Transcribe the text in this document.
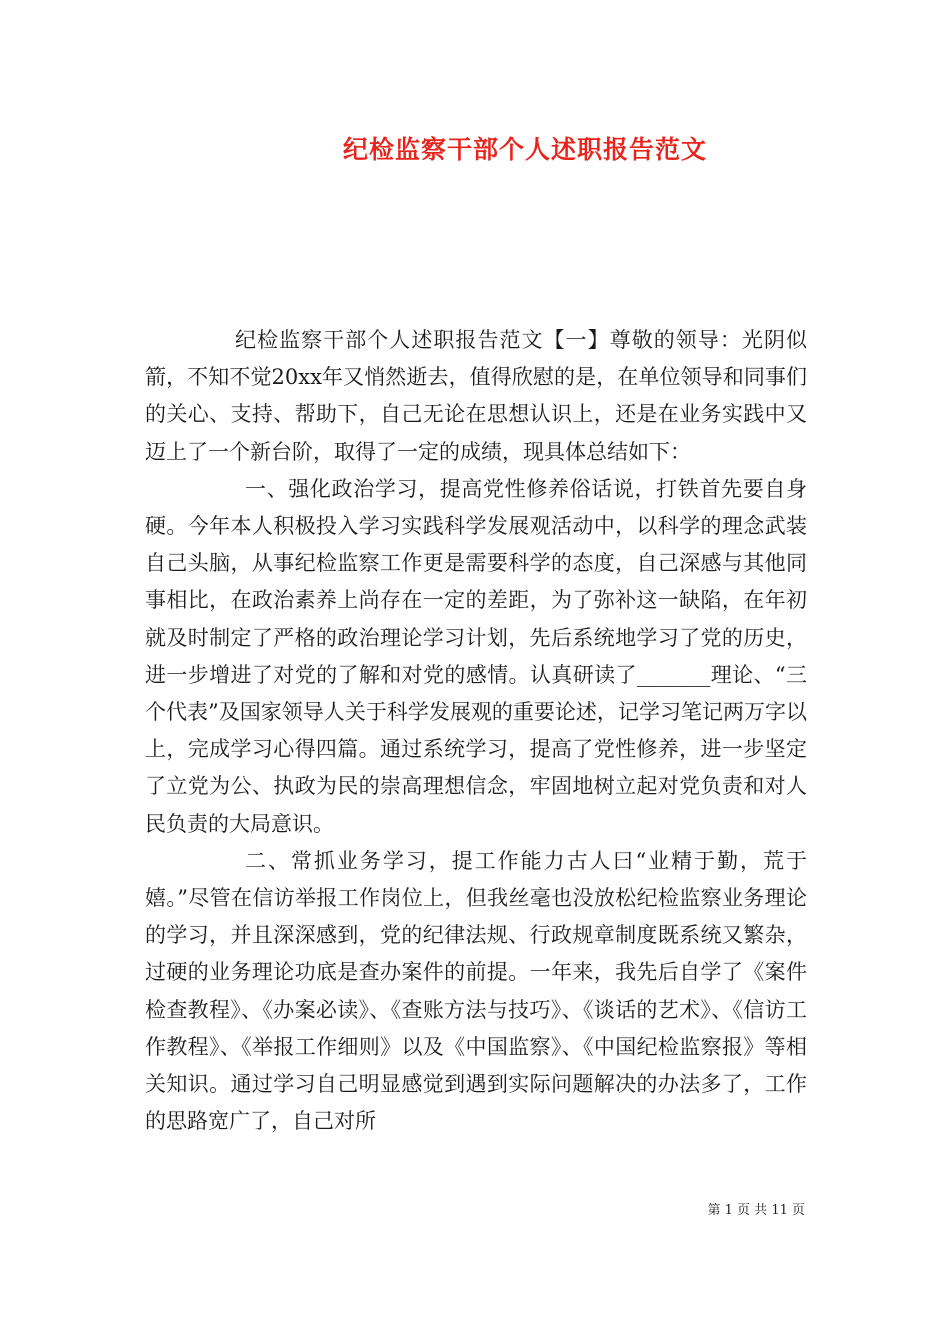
纪检监察干部个人述职报告范文

纪检监察干部个人述职报告范文【一】尊敬的领导：光阴似箭，不知不觉20xx年又悄然逝去，值得欣慰的是，在单位领导和同事们的关心、支持、帮助下，自己无论在思想认识上，还是在业务实践中又迈上了一个新台阶，取得了一定的成绩，现具体总结如下：

一、强化政治学习，提高党性修养俗话说，打铁首先要自身硬。今年本人积极投入学习实践科学发展观活动中，以科学的理念武装自己头脑，从事纪检监察工作更是需要科学的态度，自己深感与其他同事相比，在政治素养上尚存在一定的差距，为了弥补这一缺陷，在年初就及时制定了严格的政治理论学习计划，先后系统地学习了党的历史，进一步增进了对党的了解和对党的感情。认真研读了_______理论、“三个代表”及国家领导人关于科学发展观的重要论述，记学习笔记两万字以上，完成学习心得四篇。通过系统学习，提高了党性修养，进一步坚定了立党为公、执政为民的崇高理想信念，牢固地树立起对党负责和对人民负责的大局意识。

二、常抓业务学习，提工作能力古人曰“业精于勤，荒于嬉。”尽管在信访举报工作岗位上，但我丝毫也没放松纪检监察业务理论的学习，并且深深感到，党的纪律法规、行政规章制度既系统又繁杂，过硬的业务理论功底是查办案件的前提。一年来，我先后自学了《案件检查教程》、《办案必读》、《查账方法与技巧》、《谈话的艺术》、《信访工作教程》、《举报工作细则》以及《中国监察》、《中国纪检监察报》等相关知识。通过学习自己明显感觉到遇到实际问题解决的办法多了，工作的思路宽广了，自己对所

第 1 页 共 11 页
